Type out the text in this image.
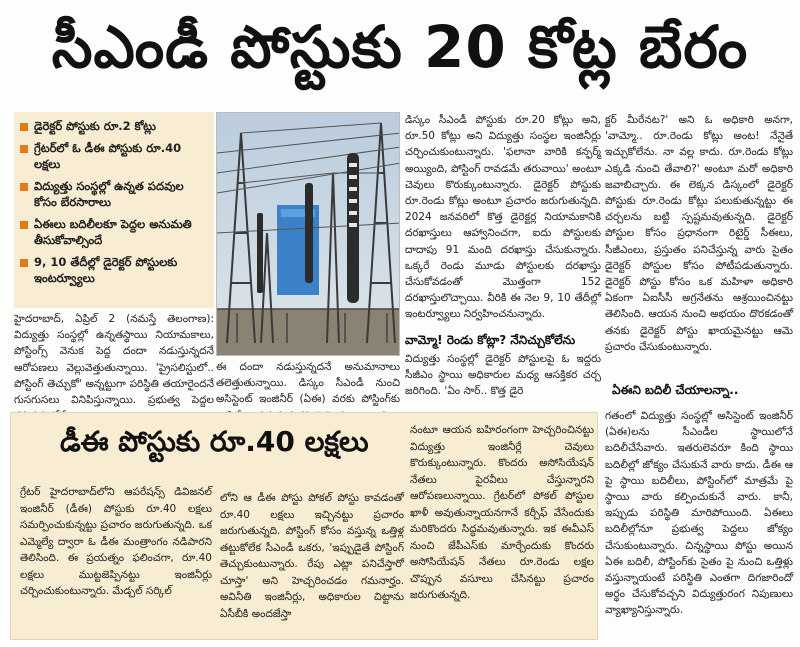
సీఎండీ పోస్టుకు 20 కోట్ల బేరం
డైరెక్టర్ పోస్టుకు రూ.2 కోట్లు
గ్రేటర్‌లో ఓ డీఈ పోస్టుకు రూ.40 లక్షలు
విద్యుత్తు సంస్థల్లో ఉన్నత పదవుల కోసం బేరసారాలు
ఏఈలు బదిలీలకూ పెద్దల అనుమతి తీసుకోవాల్సిందే
9, 10 తేదీల్లో డైరెక్టర్ పోస్టులకు ఇంటర్వ్యూలు
హైదరాబాద్, ఏప్రిల్ 2 (నమస్తే తెలంగాణ): విద్యుత్తు సంస్థల్లో ఉన్నతస్థాయి నియామకాలు, పోస్టింగ్స్ వెనుక పెద్ద దందా నడుస్తున్నదనే ఆరోపణలు వెల్లువెత్తుతున్నాయి. 'ప్రైసలిస్టులో.. పోస్టింగ్ తెచ్చుకో' అన్నట్టుగా పరిస్థితి తయారైందనే గుసగుసలు వినిపిస్తున్నాయి. ప్రభుత్వ పెద్దల
ఈ దందా నడుస్తున్నదనే అనుమానాలు తలెత్తుతున్నాయి. డిస్కం సీఎండీ నుంచి అసిస్టెంట్ ఇంజినీర్ (ఏఈ) వరకు పోస్టింగ్‌కు
డిస్కం సీఎండీ పోస్టుకు రూ.20 కోట్లు అని, రూ.50 కోట్లు అని విద్యుత్తు సంస్థల ఇంజినీర్లు చర్చించుకుంటున్నారు. 'ఫలానా వారికి కన్ఫర్మ్ అయ్యింది, పోస్టింగ్ రావడమే తరువాయి' అంటూ చెవులు కొరుక్కుంటున్నారు. డైరెక్టర్ పోస్టుకు రూ.రెండు కోట్లు అంటూ ప్రచారం జరుగుతున్నది. 2024 జనవరిలో కొత్త డైరెక్టర్ల నియామకానికి దరఖాస్తులు ఆహ్వానించగా, ఐదు పోస్టులకు దాదాపు 91 మంది దరఖాస్తు చేసుకున్నారు. ఒక్కరే రెండు మూడు పోస్టులకు దరఖాస్తు చేసుకోవడంతో మొత్తంగా 152 దరఖాస్తులొచ్చాయి. వీరికి ఈ నెల 9, 10 తేదీల్లో ఇంటర్వ్యూలు నిర్వహించనున్నారు.
వామ్మో! రెండు కోట్లా? నేనిచ్చుకోలేను
విద్యుత్తు సంస్థల్లో డైరెక్టర్ పోస్టులపై ఓ ఇద్దరు సీజీఎం స్థాయి అధికారుల మధ్య ఆసక్తికర చర్చ జరిగింది. 'ఏం సార్.. కొత్త డైరె
క్టర్ మీరేనట?' అని ఓ అధికారి అనగా, 'వామ్మో.. రూ.రెండు కోట్లు అంట! నేనైతే ఇచ్చుకోలేను. నా వల్ల కాదు. రూ.రెండు కోట్లు ఎక్కడి నుంచి తేవాలి?' అంటూ మరో అధికారి జవాబిచ్చారు. ఈ లెక్కన డిస్కంలో డైరెక్టర్ పోస్టుకు రూ.రెండు కోట్లు పలుకుతున్నట్టు ఈ చర్చలను బట్టి స్పష్టమవుతున్నది. డైరెక్టర్ పోస్టుల కోసం ప్రధానంగా రిటైర్డ్ సీఈలు, సీజీఎంలు, ప్రస్తుతం పనిచేస్తున్న వారు సైతం డైరెక్టర్ పోస్టుల కోసం పోటీపడుతున్నారు. డైరెక్టర్ పోస్టు కోసం ఒక మహిళా అధికారి ఏకంగా ఏఐసీసీ అగ్రనేతను ఆశ్రయించినట్టు తెలిసింది. ఆయన నుంచి అభయం దొరకడంతో తనకు డైరెక్టర్ పోస్టు ఖాయమైనట్టు ఆమె ప్రచారం చేసుకుంటున్నారు.
ఏఈని బదిలీ చేయాలన్నా..
గతంలో విద్యుత్తు సంస్థల్లో అసిస్టెంట్ ఇంజినీర్ (ఏఈ)లను సీఎండీల స్థాయిలోనే బదిలీచేసేవారు. ఇతరులెవరూ కింది స్థాయి బదిలీల్లో జోక్యం చేసుకునే వారు కాదు. డీఈ ఆ పై స్థాయి బదిలీలు, పోస్టింగ్‌లో మాత్రమే పై స్థాయి వారు కల్పించుకునే వారు. కానీ, ఇప్పుడు పరిస్థితి మారిపోయింది. ఏఈలు బదిలీల్లోనూ ప్రభుత్వ పెద్దలు జోక్యం చేసుకుంటున్నారు. చిన్నస్థాయి పోస్టు అయిన ఏఈ బదిలీ, పోస్టింగ్‌కు సైతం పై నుంచి ఒత్తిళ్లు వస్తున్నాయంటే పరిస్థితి ఎంతగా దిగజారిందో అర్థం చేసుకోవచ్చని విద్యుత్తురంగ నిపుణులు వ్యాఖ్యానిస్తున్నారు.
డీఈ పోస్టుకు రూ.40 లక్షలు
గ్రేటర్ హైదరాబాద్‌లోని ఆపరేషన్స్ డివిజనల్ ఇంజినీర్ (డీఈ) పోస్టుకు రూ.40 లక్షలు సమర్పించుకున్నట్టు ప్రచారం జరుగుతున్నది. ఒక ఎమ్మెల్యే ద్వారా ఓ డీఈ మంత్రాంగం నడిపారని తెలిసింది. ఈ ప్రయత్నం ఫలించగా, రూ.40 లక్షలు ముట్టజెప్పినట్టు ఇంజినీర్లు చర్చించుకుంటున్నారు. మేడ్చల్ సర్కిల్
లోని ఆ డీఈ పోస్టు పోకల్ పోస్టు కావడంతో రూ.40 లక్షలు ఇచ్చినట్టు ప్రచారం జరుగుతున్నది. పోస్టింగ్ కోసం వస్తున్న ఒత్తిళ్ల తట్టుకోలేక సీఎండీ ఒకరు, 'ఇప్పుడైతే పోస్టింగ్ తెచ్చుకుంటున్నారు. రేపు ఎట్లా పనిచేస్తారో చూస్తా' అని హెచ్చరించడం గమనార్హం. అవినీతి ఇంజినీర్లు, అధికారుల చిట్టాను ఏసీబీకి అందజేస్తా
నంటూ ఆయన బహిరంగంగా హెచ్చరించినట్టు విద్యుత్తు ఇంజినీర్లే చెవులు కొరుక్కుంటున్నారు. కొందరు అసోసియేషన్ నేతలు పైరవీలు చేస్తున్నారని ఆరోపణలున్నాయి. గ్రేటర్‌లో పోకల్ పోస్టుల ఖాళీ అవుతున్నాయనగానే కర్చీఫ్ వేసేందుకు మరికొందరు సిద్ధమవుతున్నారు. ఇక ఈవీఎస్ నుంచి జేపీఎస్‌కు మార్చేందుకు కొందరు అసోసియేషన్ నేతలు రూ.రెండు లక్షల చొప్పున వసూలు చేసినట్టు ప్రచారం జరుగుతున్నది.
